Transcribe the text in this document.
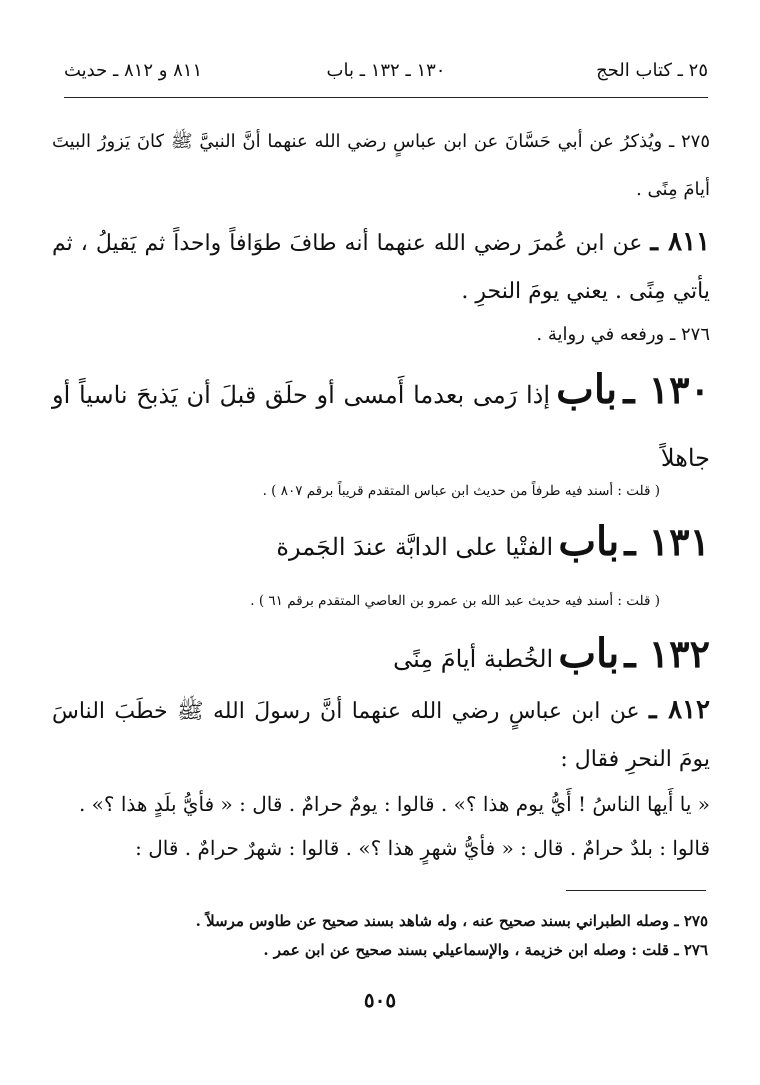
٢٥ ـ كتاب الحج
١٣٠ ـ ١٣٢ ـ باب
٨١١ و ٨١٢ ـ حديث
٢٧٥ ـ ويُذكرُ عن أبي حَسَّانَ عن ابن عباسٍ رضي الله عنهما أنَّ النبيَّ ﷺ كانَ يَزورُ البيتَ أيامَ مِنًى .
٨١١ ـ عن ابن عُمرَ رضي الله عنهما أنه طافَ طوَافاً واحداً ثم يَقيلُ ، ثم يأتي مِنًى . يعني يومَ النحرِ .
٢٧٦ ـ ورفعه في رواية .
١٣٠ ـ باب إذا رَمى بعدما أَمسى أو حلَق قبلَ أن يَذبحَ ناسياً أو جاهلاً
( قلت : أسند فيه طرفاً من حديث ابن عباس المتقدم قريباً برقم ٨٠٧ ) .
١٣١ ـ باب الفتْيا على الدابَّة عندَ الجَمرة
( قلت : أسند فيه حديث عبد الله بن عمرو بن العاصي المتقدم برقم ٦١ ) .
١٣٢ ـ باب الخُطبة أيامَ مِنًى
٨١٢ ـ عن ابن عباسٍ رضي الله عنهما أنَّ رسولَ الله ﷺ خطَبَ الناسَ يومَ النحرِ فقال :
« يا أَيها الناسُ ! أَيُّ يوم هذا ؟» . قالوا : يومٌ حرامٌ . قال : « فأيُّ بلَدٍ هذا ؟» .
قالوا : بلدٌ حرامٌ . قال : « فأيُّ شهرٍ هذا ؟» . قالوا : شهرٌ حرامٌ . قال :
٢٧٥ ـ وصله الطبراني بسند صحيح عنه ، وله شاهد بسند صحيح عن طاوس مرسلاً .
٢٧٦ ـ قلت : وصله ابن خزيمة ، والإسماعيلي بسند صحيح عن ابن عمر .
٥٠٥
